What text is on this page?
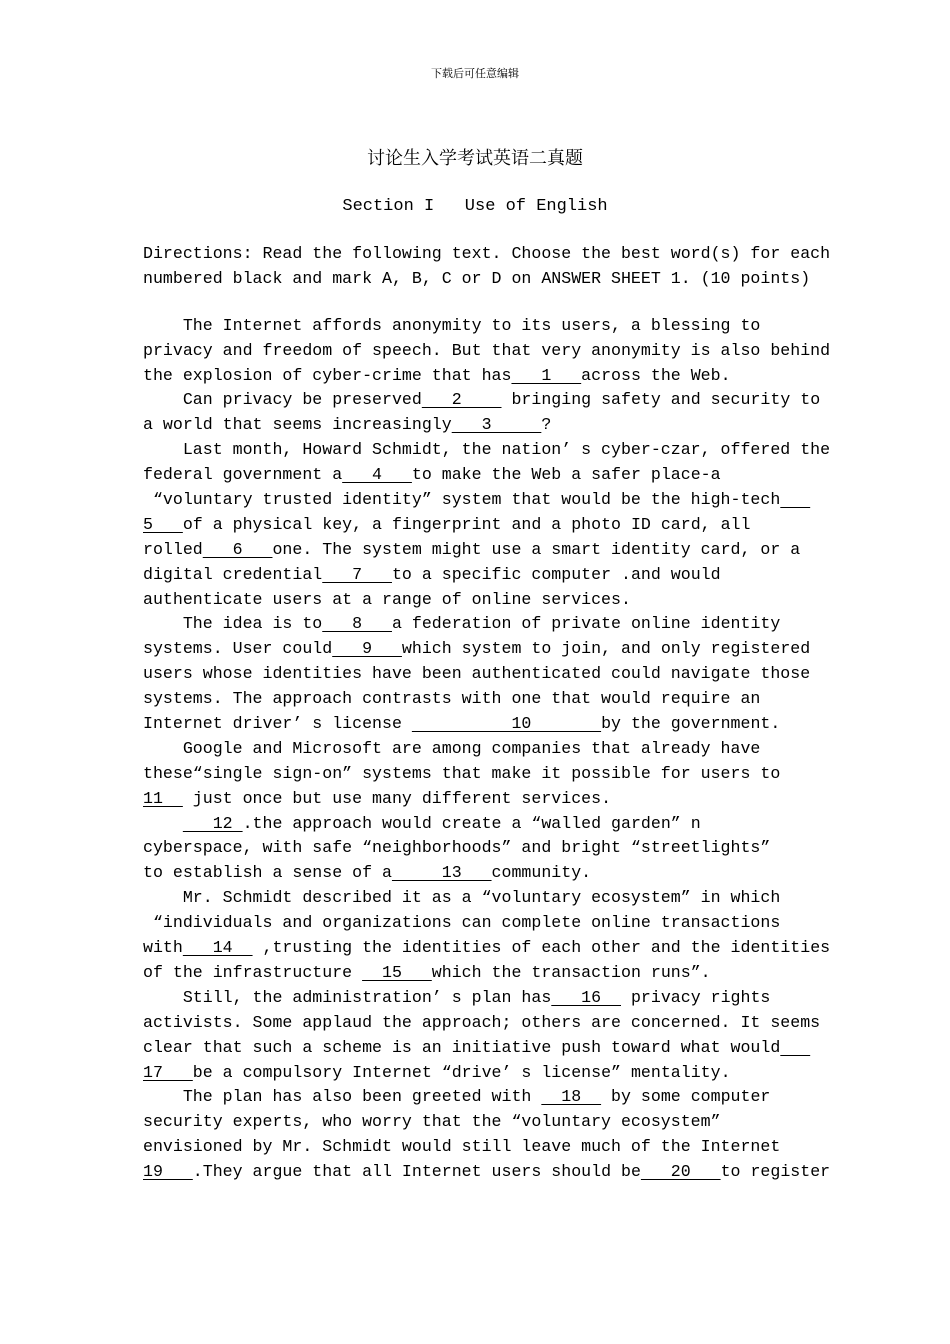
下载后可任意编辑
讨论生入学考试英语二真题
Section I   Use of English
Directions: Read the following text. Choose the best word(s) for each
numbered black and mark A, B, C or D on ANSWER SHEET 1. (10 points)
The Internet affords anonymity to its users, a blessing to
privacy and freedom of speech. But that very anonymity is also behind
the explosion of cyber-crime that has   1   across the Web.
Can privacy be preserved   2     bringing safety and security to
a world that seems increasingly   3     ?
Last month, Howard Schmidt, the nation’ s cyber-czar, offered the
federal government a   4   to make the Web a safer place-a
“voluntary trusted identity” system that would be the high-tech
5   of a physical key, a fingerprint and a photo ID card, all
rolled   6   one. The system might use a smart identity card, or a
digital credential   7   to a specific computer .and would
authenticate users at a range of online services.
The idea is to   8   a federation of private online identity
systems. User could   9   which system to join, and only registered
users whose identities have been authenticated could navigate those
systems. The approach contrasts with one that would require an
Internet driver’ s license           10       by the government.
Google and Microsoft are among companies that already have
these“single sign-on” systems that make it possible for users to
11   just once but use many different services.
12 .the approach would create a “walled garden” n
cyberspace, with safe “neighborhoods” and bright “streetlights”
to establish a sense of a     13   community.
Mr. Schmidt described it as a “voluntary ecosystem” in which
“individuals and organizations can complete online transactions
with   14   ,trusting the identities of each other and the identities
of the infrastructure   15   which the transaction runs”.
Still, the administration’ s plan has   16   privacy rights
activists. Some applaud the approach; others are concerned. It seems
clear that such a scheme is an initiative push toward what would
17   be a compulsory Internet “drive’ s license” mentality.
The plan has also been greeted with   18   by some computer
security experts, who worry that the “voluntary ecosystem”
envisioned by Mr. Schmidt would still leave much of the Internet
19   .They argue that all Internet users should be   20   to register
